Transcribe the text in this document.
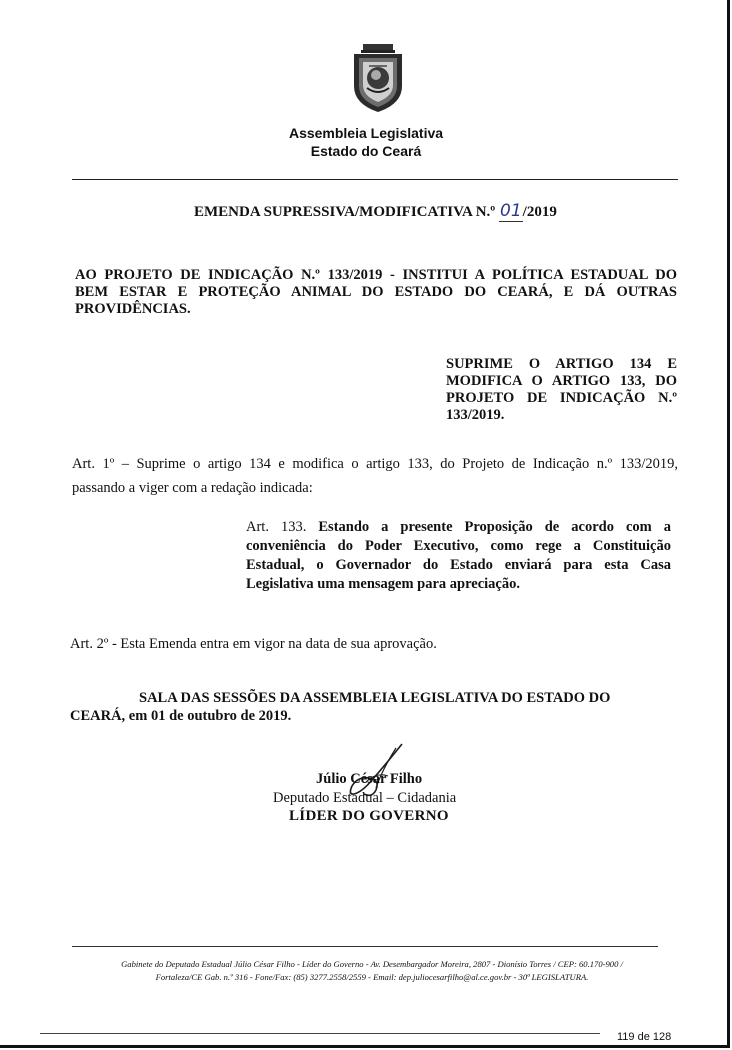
Assembleia Legislativa
Estado do Ceará
EMENDA SUPRESSIVA/MODIFICATIVA N.º 01/2019
AO PROJETO DE INDICAÇÃO N.º 133/2019 - INSTITUI A POLÍTICA ESTADUAL DO
BEM ESTAR E PROTEÇÃO ANIMAL DO ESTADO DO CEARÁ, E DÁ OUTRAS
PROVIDÊNCIAS.
SUPRIME O ARTIGO 134 E
MODIFICA O ARTIGO 133, DO
PROJETO DE INDICAÇÃO N.º
133/2019.
Art. 1º – Suprime o artigo 134 e modifica o artigo 133, do Projeto de Indicação n.º 133/2019,
passando a viger com a redação indicada:
Art. 133. Estando a presente Proposição de acordo com a
conveniência do Poder Executivo, como rege a Constituição
Estadual, o Governador do Estado enviará para esta Casa
Legislativa uma mensagem para apreciação.
Art. 2º - Esta Emenda entra em vigor na data de sua aprovação.
SALA DAS SESSÕES DA ASSEMBLEIA LEGISLATIVA DO ESTADO DO
CEARÁ, em 01 de outubro de 2019.
Júlio César Filho
Deputado Estadual – Cidadania
LÍDER DO GOVERNO
Gabinete do Deputado Estadual Júlio César Filho - Líder do Governo - Av. Desembargador Moreira, 2807 - Dionísio Torres / CEP: 60.170-900 /
Fortaleza/CE Gab. n.º 316 - Fone/Fax: (85) 3277.2558/2559 - Email: dep.juliocesarfilho@al.ce.gov.br - 30ª LEGISLATURA.
119 de 128
